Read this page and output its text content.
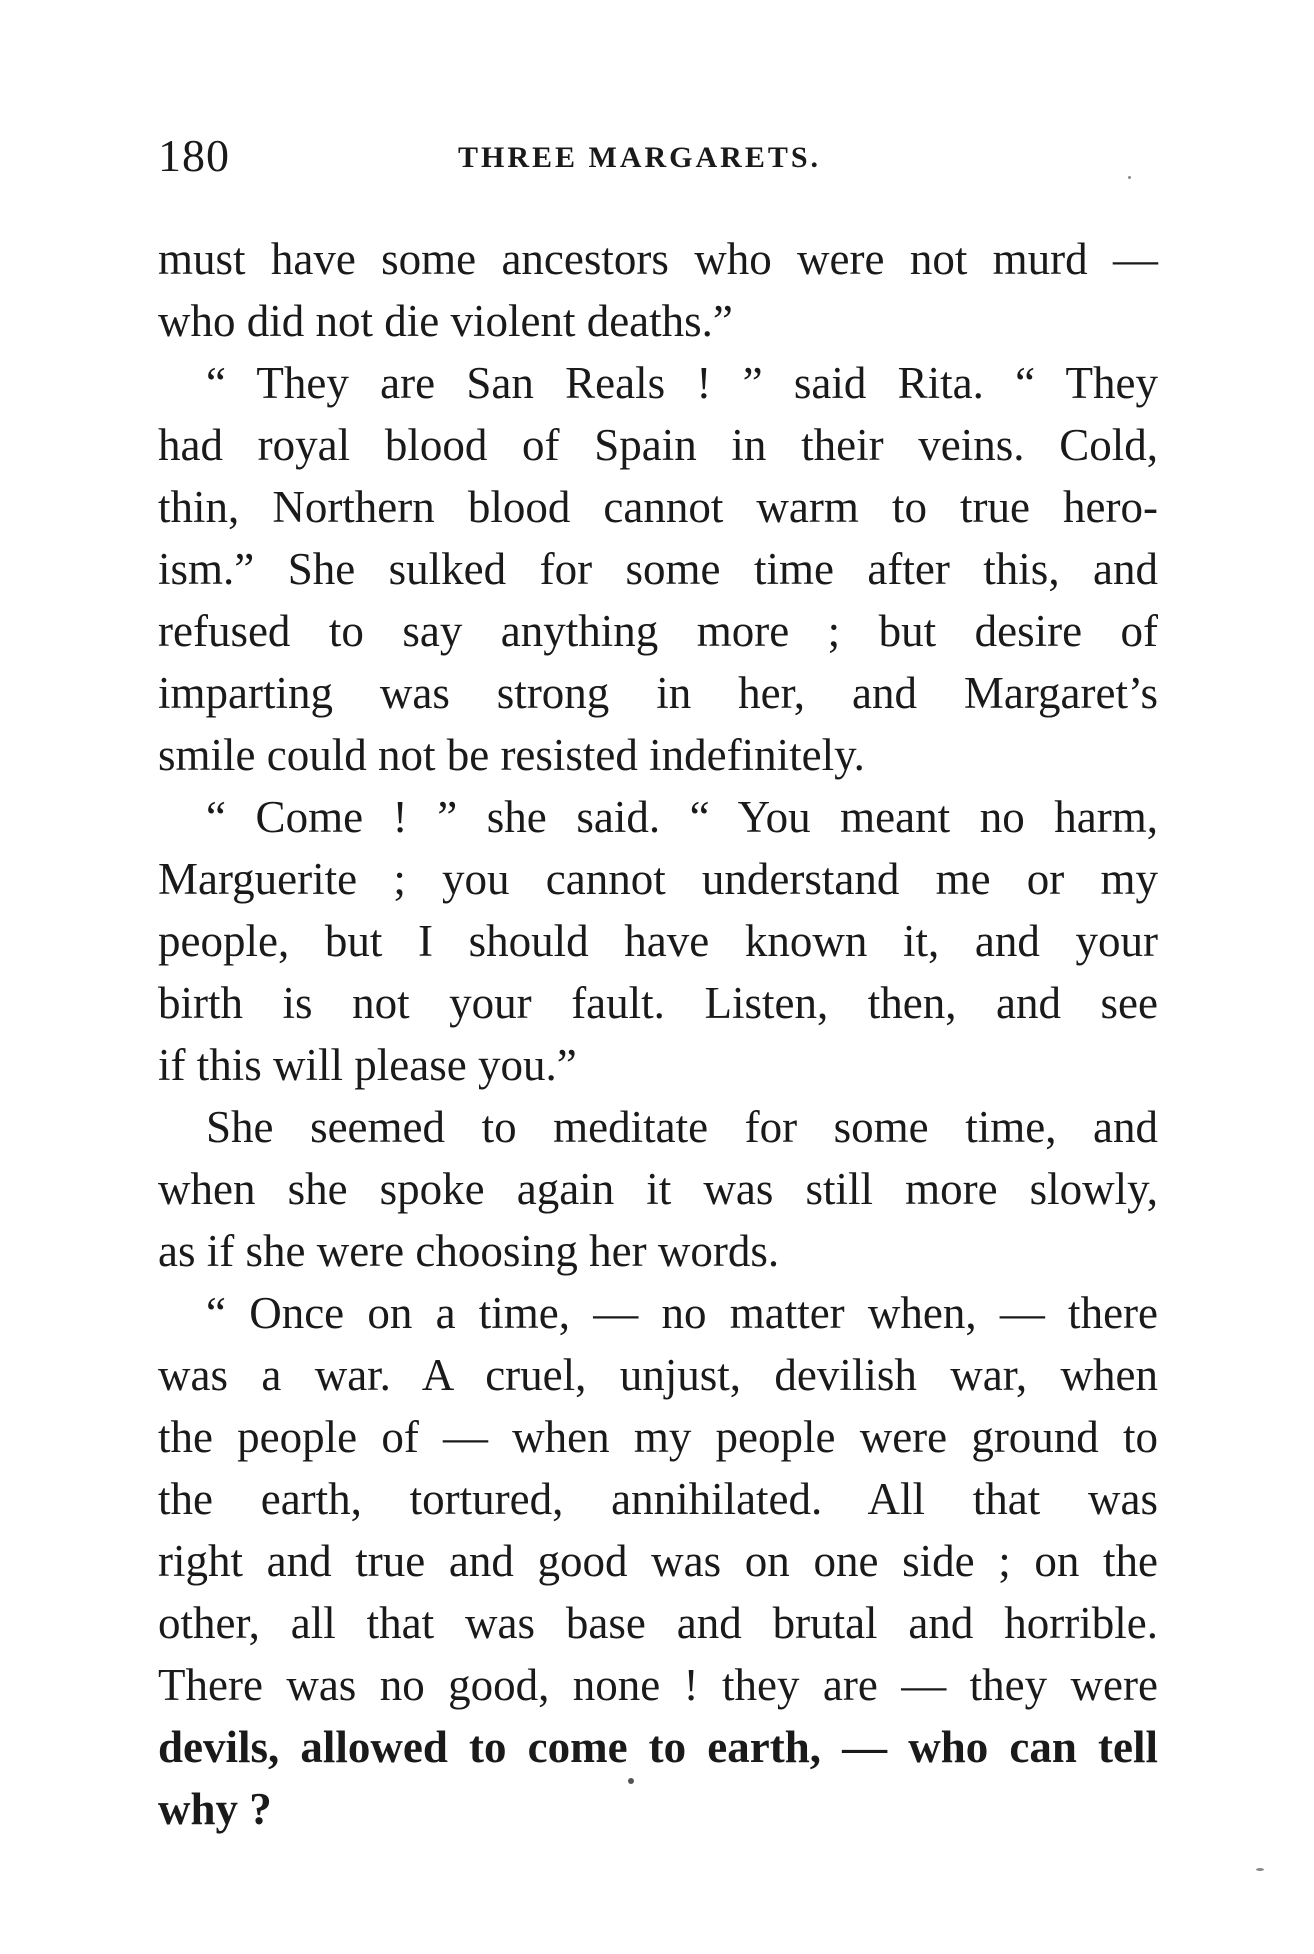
180	THREE MARGARETS.
must have some ancestors who were not murd —
who did not die violent deaths.”
“ They are San Reals ! ” said Rita. “ They
had royal blood of Spain in their veins. Cold,
thin, Northern blood cannot warm to true hero-
ism.” She sulked for some time after this, and
refused to say anything more ; but desire of
imparting was strong in her, and Margaret’s
smile could not be resisted indefinitely.
“ Come ! ” she said. “ You meant no harm,
Marguerite ; you cannot understand me or my
people, but I should have known it, and your
birth is not your fault. Listen, then, and see
if this will please you.”
She seemed to meditate for some time, and
when she spoke again it was still more slowly,
as if she were choosing her words.
“ Once on a time, — no matter when, — there
was a war. A cruel, unjust, devilish war, when
the people of — when my people were ground to
the earth, tortured, annihilated. All that was
right and true and good was on one side ; on the
other, all that was base and brutal and horrible.
There was no good, none ! they are — they were
devils, allowed to come to earth, — who can tell
why ?
